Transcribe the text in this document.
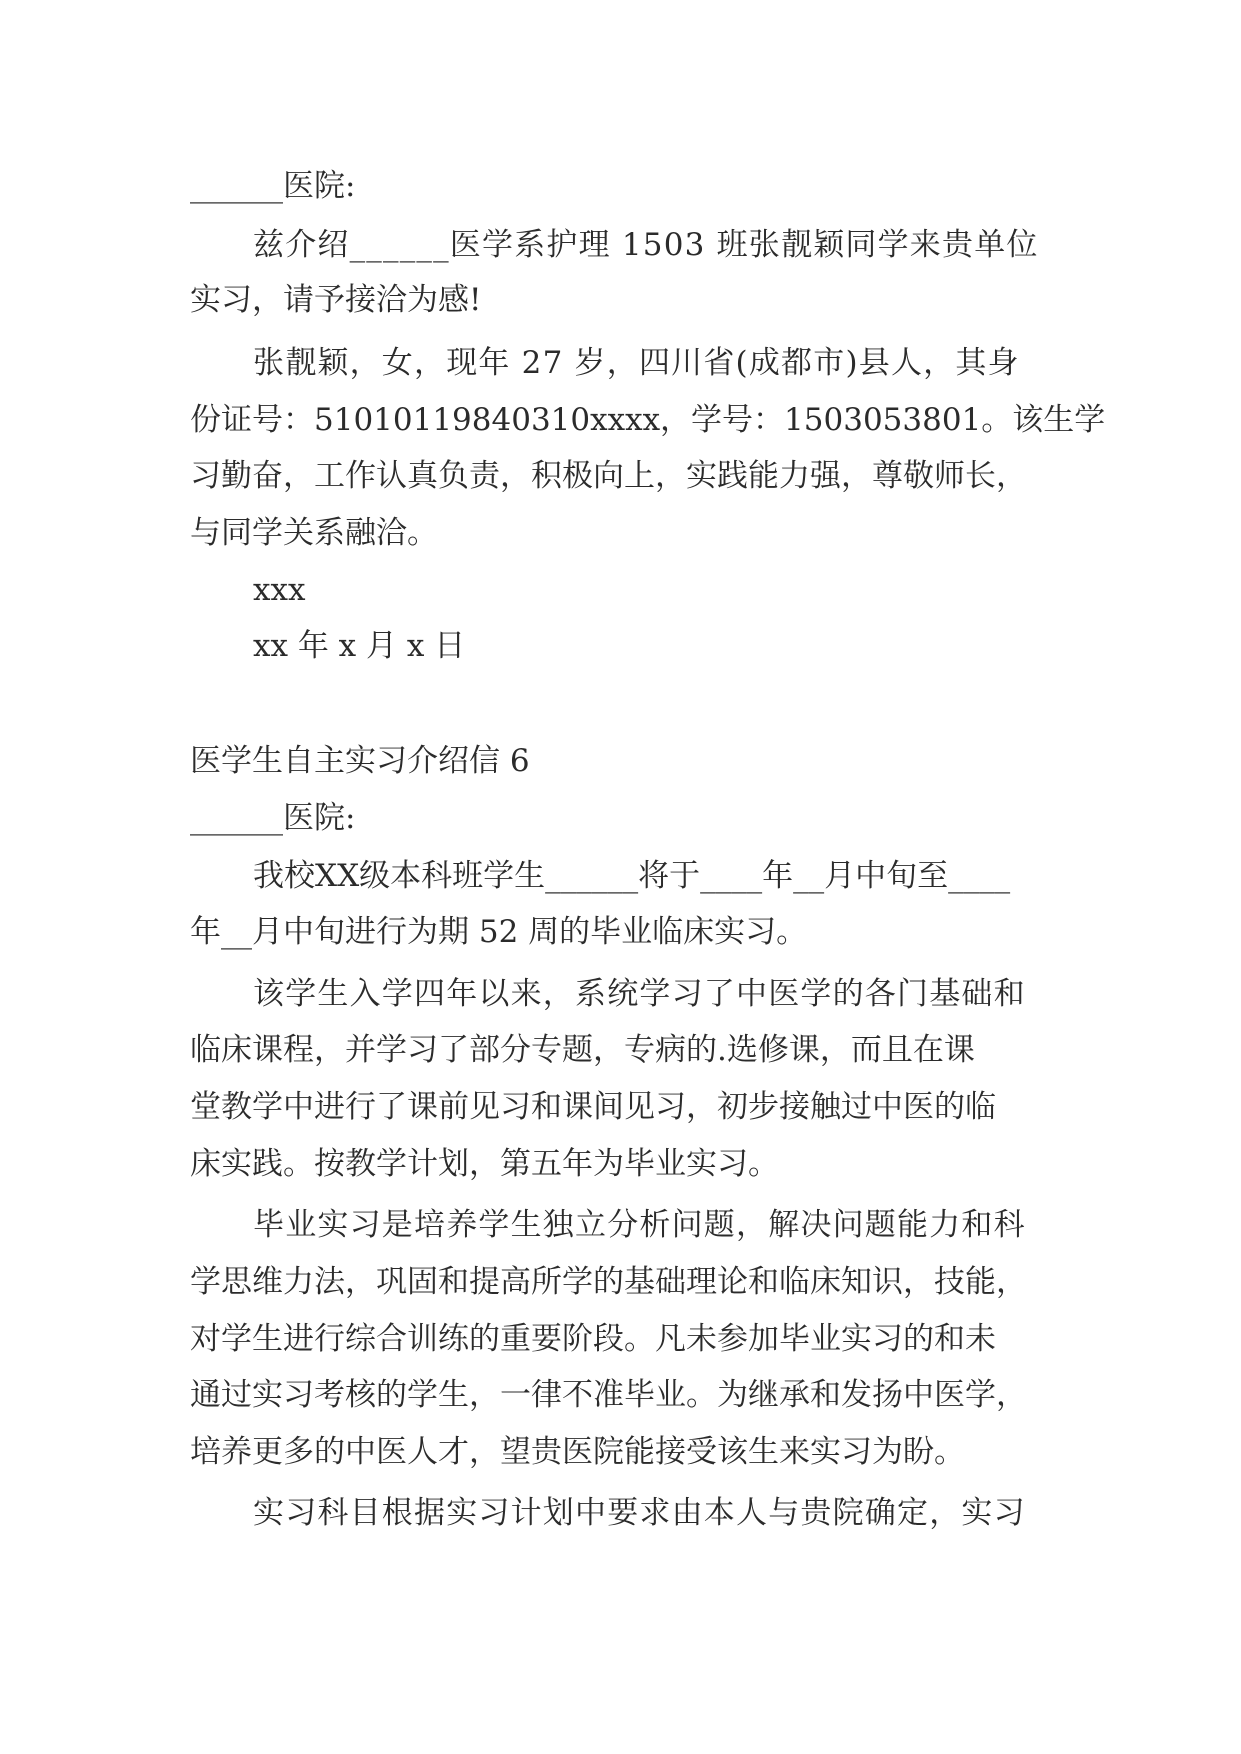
______医院:
兹介绍______医学系护理 1503 班张靓颖同学来贵单位
实习，请予接洽为感!
张靓颖，女，现年 27 岁，四川省(成都市)县人，其身
份证号：51010119840310xxxx，学号：1503053801。该生学
习勤奋，工作认真负责，积极向上，实践能力强，尊敬师长，
与同学关系融洽。
xxx
xx 年 x 月 x 日
医学生自主实习介绍信 6
______医院:
我校XX级本科班学生______将于____年__月中旬至____
年__月中旬进行为期 52 周的毕业临床实习。
该学生入学四年以来，系统学习了中医学的各门基础和
临床课程，并学习了部分专题，专病的.选修课，而且在课
堂教学中进行了课前见习和课间见习，初步接触过中医的临
床实践。按教学计划，第五年为毕业实习。
毕业实习是培养学生独立分析问题，解决问题能力和科
学思维力法，巩固和提高所学的基础理论和临床知识，技能，
对学生进行综合训练的重要阶段。凡未参加毕业实习的和未
通过实习考核的学生，一律不准毕业。为继承和发扬中医学，
培养更多的中医人才，望贵医院能接受该生来实习为盼。
实习科目根据实习计划中要求由本人与贵院确定，实习
